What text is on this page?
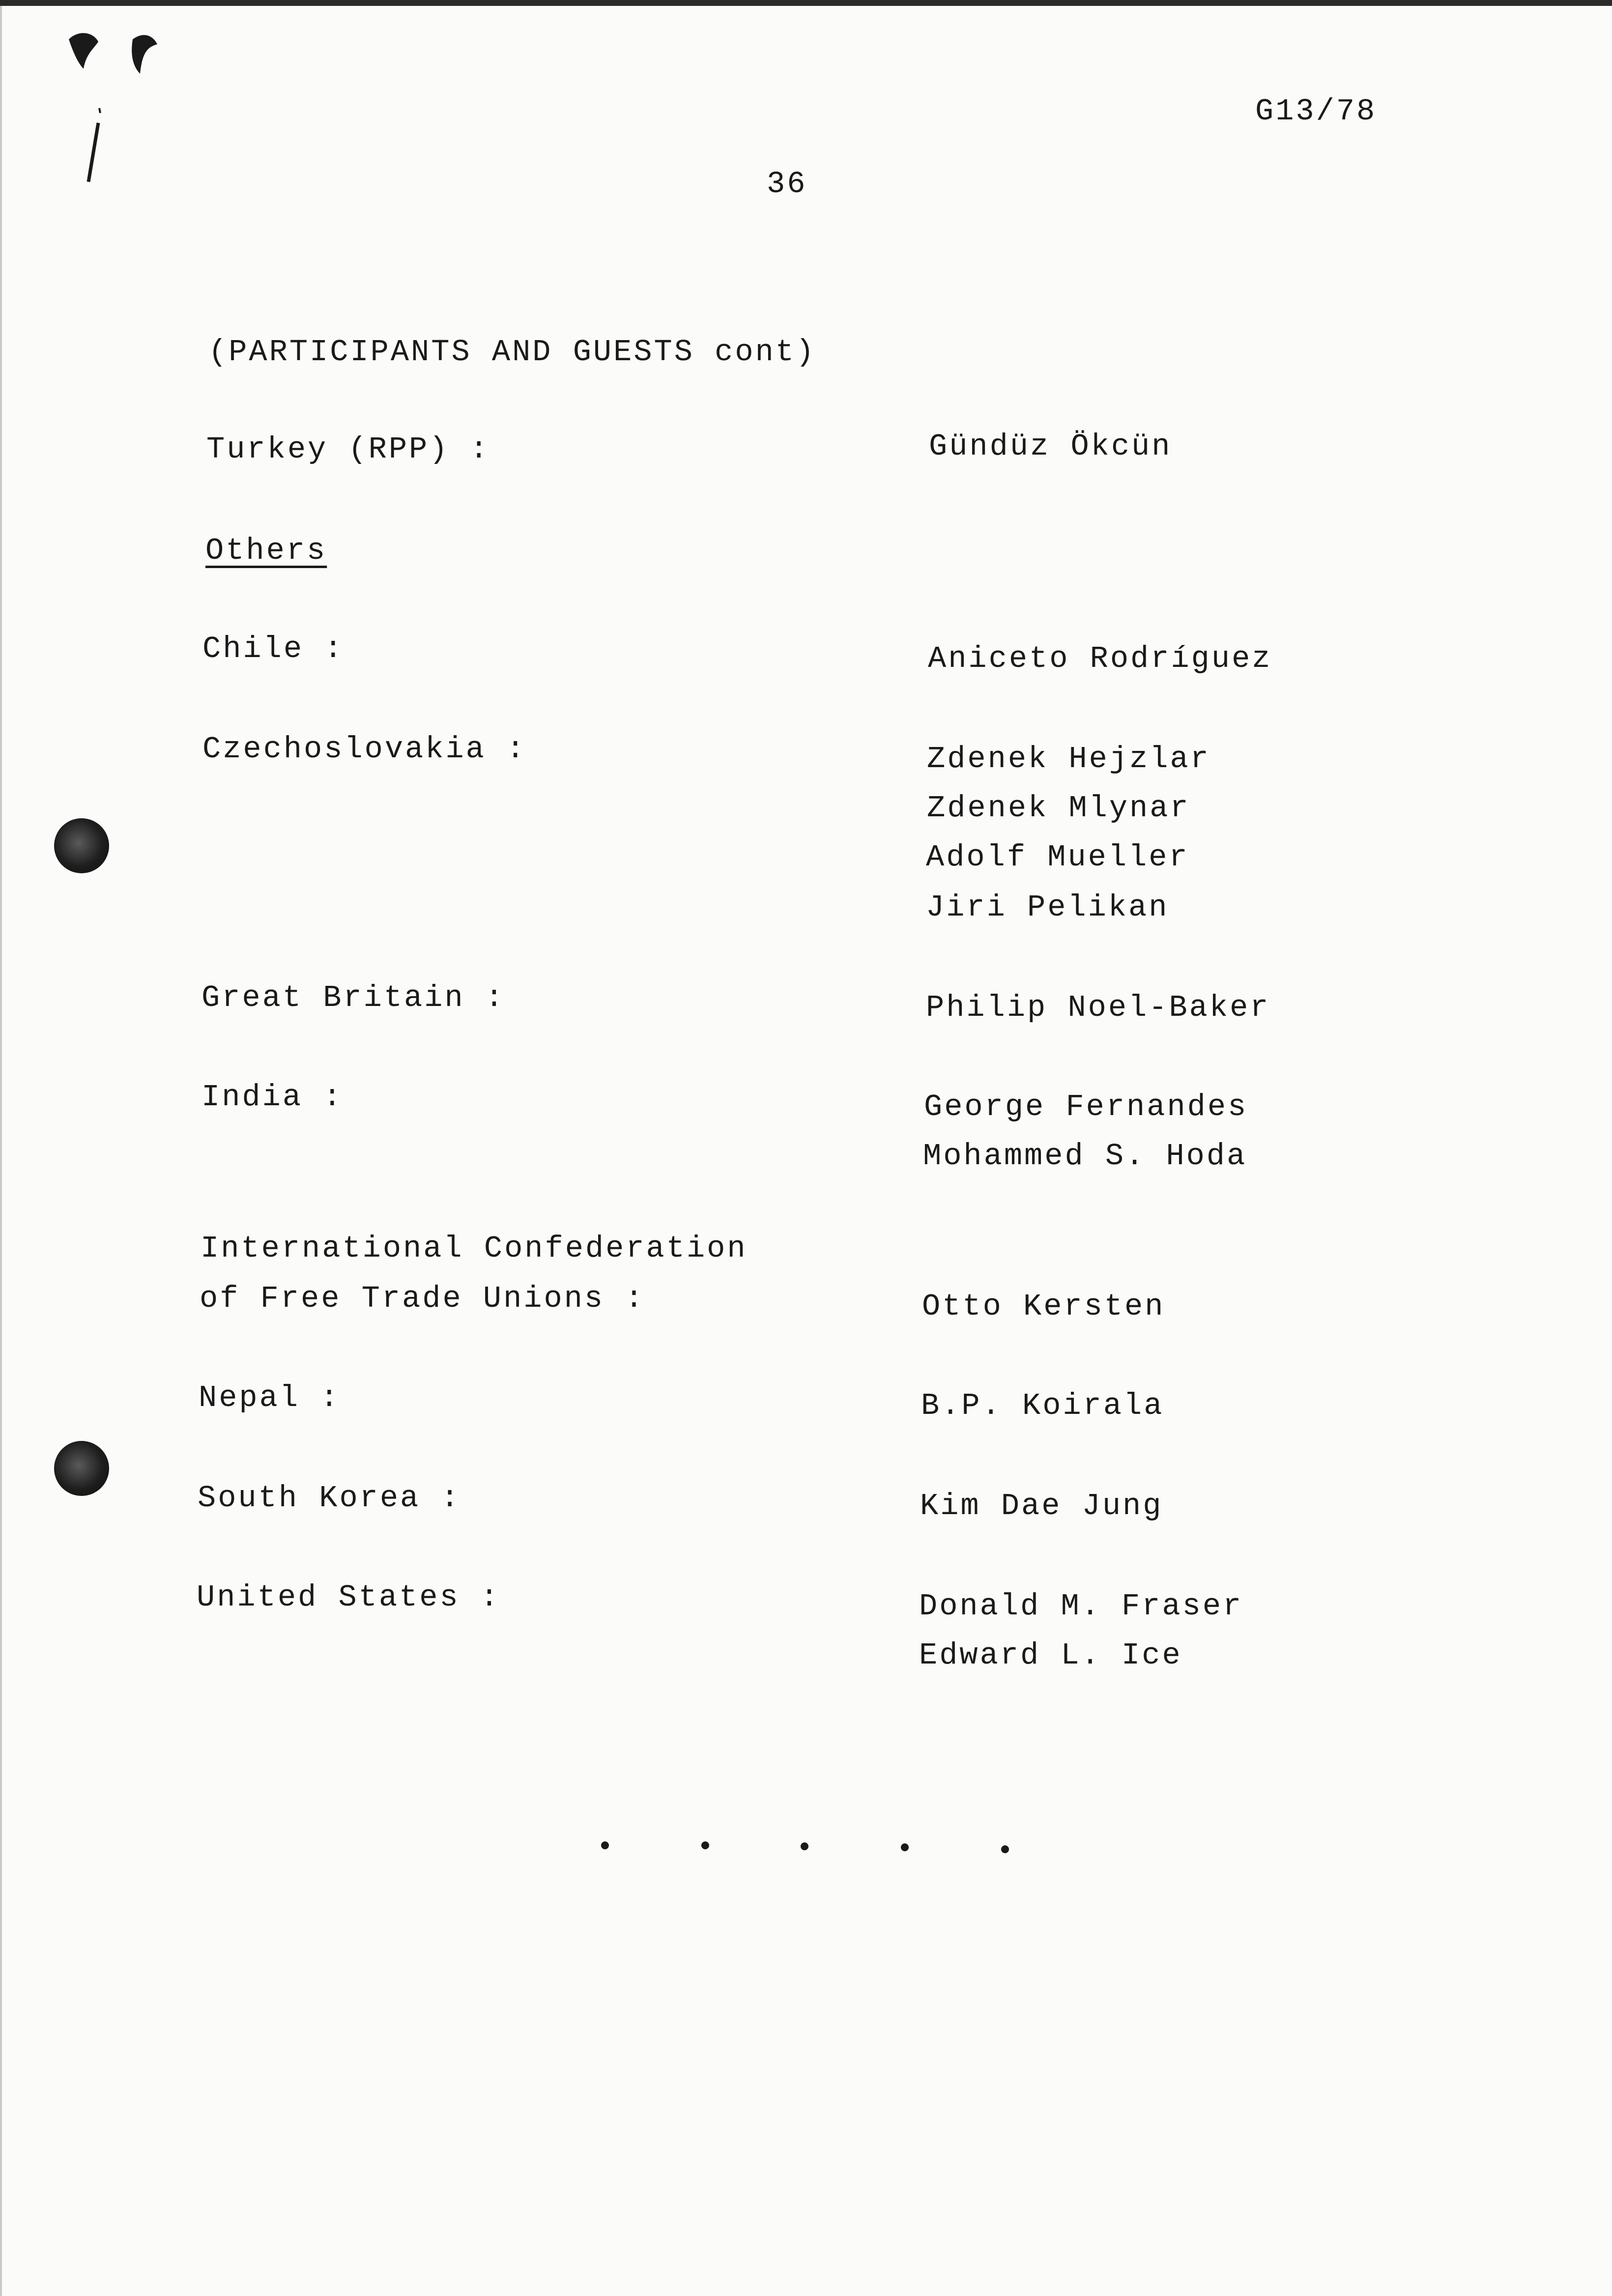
G13/78
36
(PARTICIPANTS AND GUESTS cont)
Turkey (RPP) :	Gündüz Ökcün
Others
Chile :	Aniceto Rodríguez
Czechoslovakia :	Zdenek Hejzlar
Zdenek Mlynar
Adolf Mueller
Jiri Pelikan
Great Britain :	Philip Noel-Baker
India :	George Fernandes
Mohammed S. Hoda
International Confederation
of Free Trade Unions :	Otto Kersten
Nepal :	B.P. Koirala
South Korea :	Kim Dae Jung
United States :	Donald M. Fraser
Edward L. Ice
